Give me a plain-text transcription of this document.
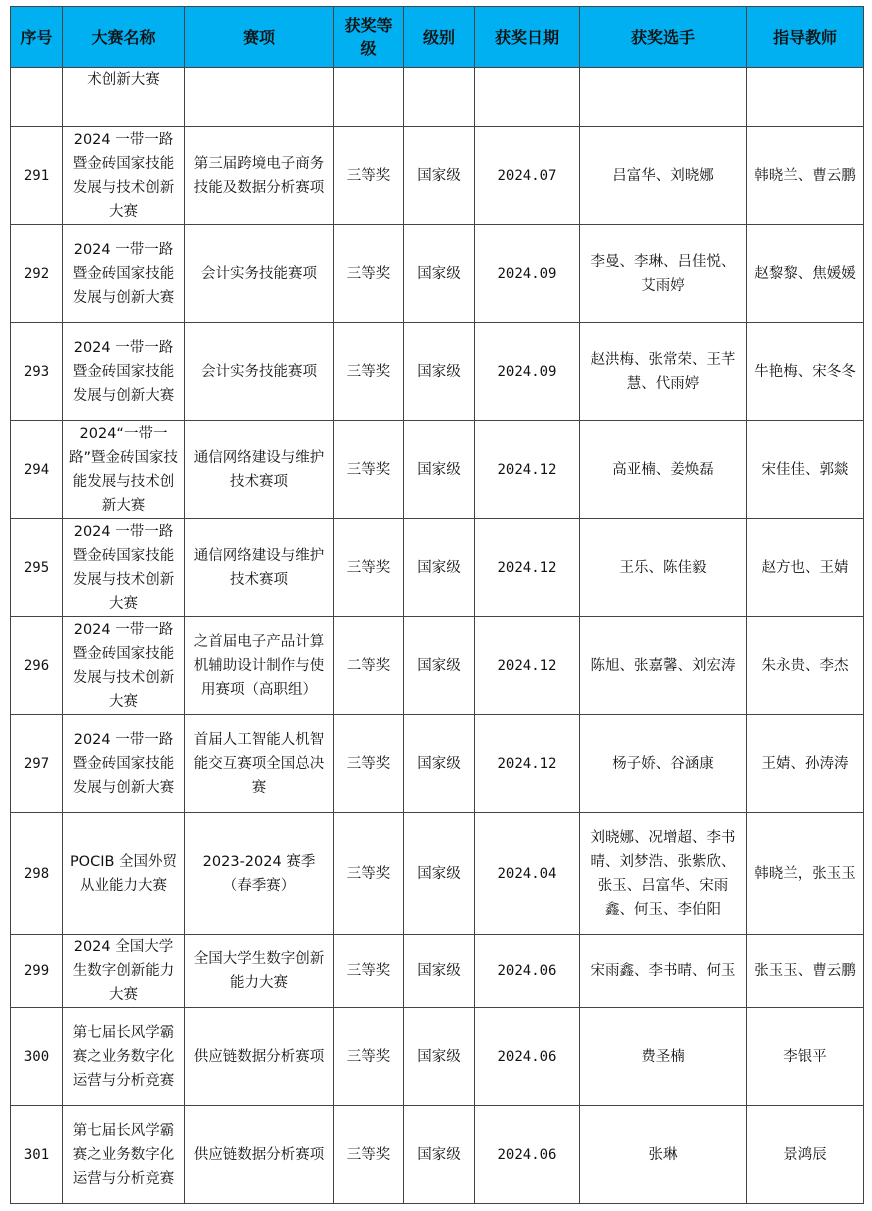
序号	大赛名称	赛项	获奖等级	级别	获奖日期	获奖选手	指导教师
	术创新大赛						
291	2024 一带一路暨金砖国家技能发展与技术创新大赛	第三届跨境电子商务技能及数据分析赛项	三等奖	国家级	2024.07	吕富华、刘晓娜	韩晓兰、曹云鹏
292	2024 一带一路暨金砖国家技能发展与创新大赛	会计实务技能赛项	三等奖	国家级	2024.09	李曼、李琳、吕佳悦、艾雨婷	赵黎黎、焦媛媛
293	2024 一带一路暨金砖国家技能发展与创新大赛	会计实务技能赛项	三等奖	国家级	2024.09	赵洪梅、张常荣、王芊慧、代雨婷	牛艳梅、宋冬冬
294	2024“一带一路”暨金砖国家技能发展与技术创新大赛	通信网络建设与维护技术赛项	三等奖	国家级	2024.12	高亚楠、姜焕磊	宋佳佳、郭燚
295	2024 一带一路暨金砖国家技能发展与技术创新大赛	通信网络建设与维护技术赛项	三等奖	国家级	2024.12	王乐、陈佳毅	赵方也、王婧
296	2024 一带一路暨金砖国家技能发展与技术创新大赛	之首届电子产品计算机辅助设计制作与使用赛项（高职组）	二等奖	国家级	2024.12	陈旭、张嘉馨、刘宏涛	朱永贵、李杰
297	2024 一带一路暨金砖国家技能发展与创新大赛	首届人工智能人机智能交互赛项全国总决赛	三等奖	国家级	2024.12	杨子娇、谷涵康	王婧、孙涛涛
298	POCIB 全国外贸从业能力大赛	2023-2024 赛季（春季赛）	三等奖	国家级	2024.04	刘晓娜、况增超、李书晴、刘梦浩、张紫欣、张玉、吕富华、宋雨鑫、何玉、李伯阳	韩晓兰，张玉玉
299	2024 全国大学生数字创新能力大赛	全国大学生数字创新能力大赛	三等奖	国家级	2024.06	宋雨鑫、李书晴、何玉	张玉玉、曹云鹏
300	第七届长风学霸赛之业务数字化运营与分析竞赛	供应链数据分析赛项	三等奖	国家级	2024.06	费圣楠	李银平
301	第七届长风学霸赛之业务数字化运营与分析竞赛	供应链数据分析赛项	三等奖	国家级	2024.06	张琳	景鸿辰
